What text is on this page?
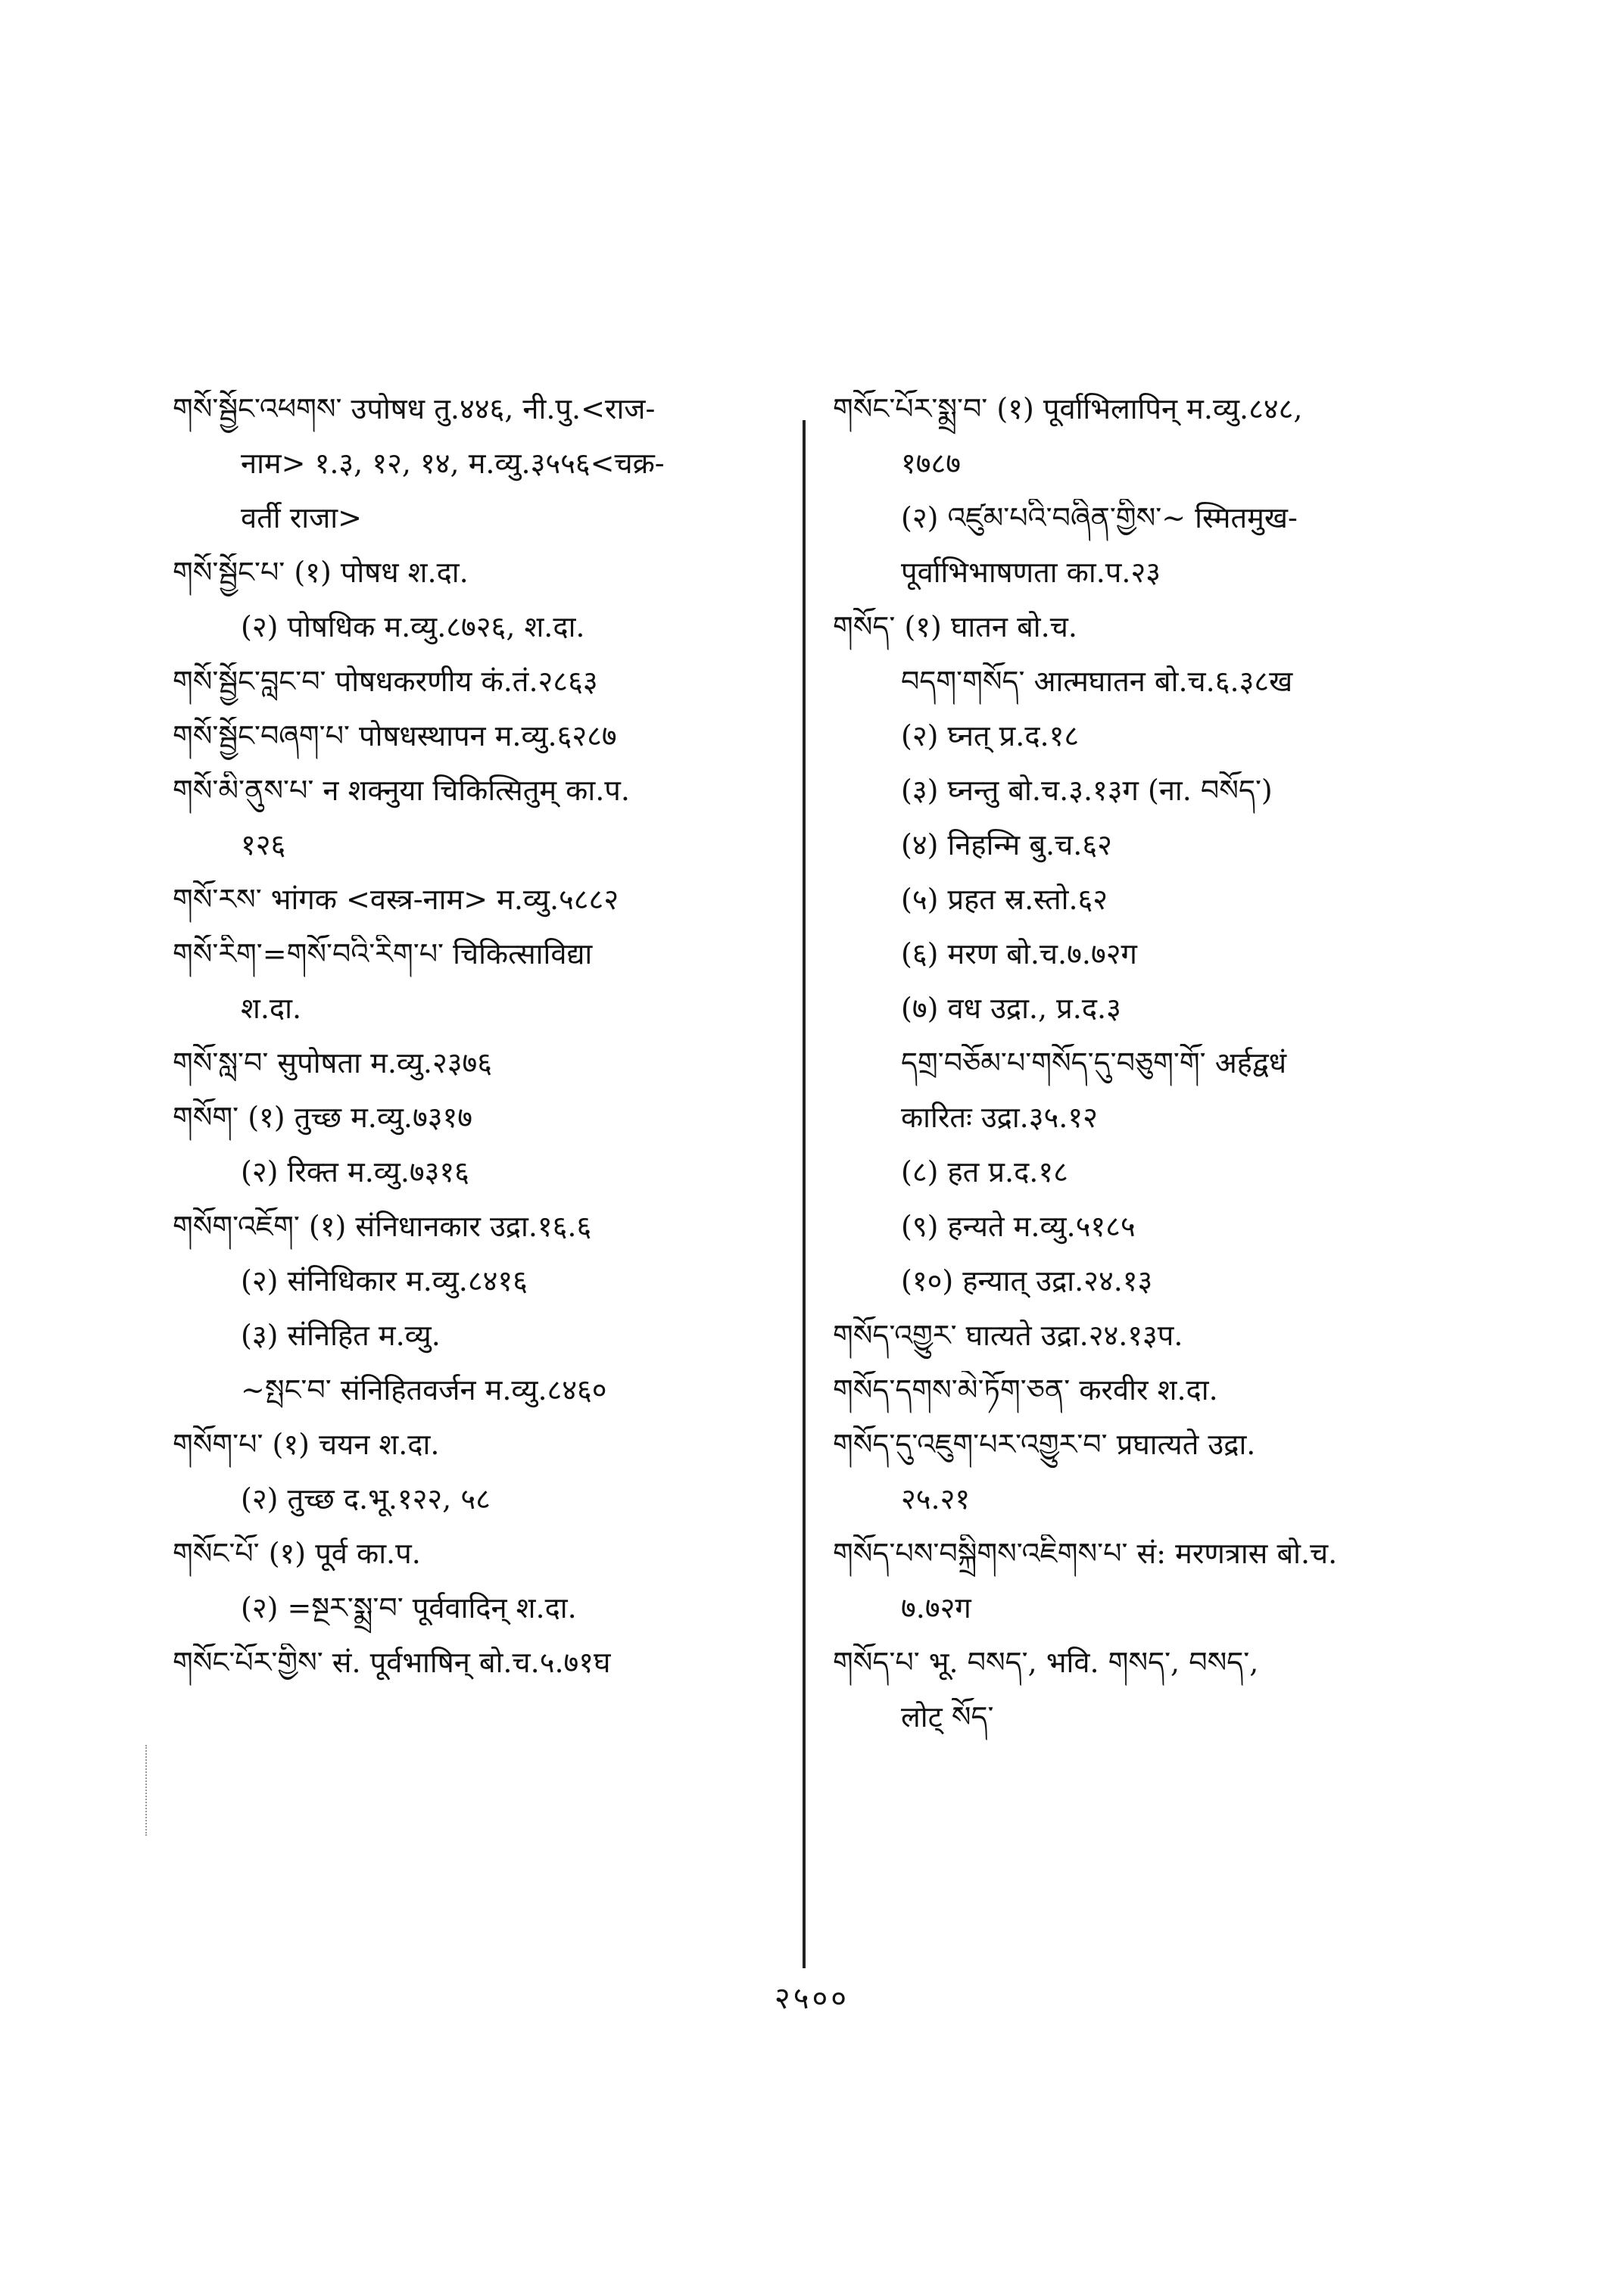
གསོ་སྦྱོང་འཕགས་ उपोषध तु.४४६, नी.पु.<राज-
नाम> १.३, १२, १४, म.व्यु.३५५६<चक्र-
वर्ती राजा>
གསོ་སྦྱོང་པ་ (१) पोषध श.दा.
(२) पोषधिक म.व्यु.८७२६, श.दा.
གསོ་སྦྱོང་བླང་བ་ पोषधकरणीय कं.तं.२८६३
གསོ་སྦྱོང་བཞག་པ་ पोषधस्थापन म.व्यु.६२८७
གསོ་མི་ནུས་པ་ न शक्नुया चिकित्सितुम् का.प.
१२६
གསོ་རས་ भांगक <वस्त्र-नाम> म.व्यु.५८८२
གསོ་རིག་=གསོ་བའི་རིག་པ་ चिकित्साविद्या
श.दा.
གསོ་སླ་བ་ सुपोषता म.व्यु.२३७६
གསོག་ (१) तुच्छ म.व्यु.७३१७
(२) रिक्त म.व्यु.७३१६
གསོག་འཇོག་ (१) संनिधानकार उद्रा.१६.६
(२) संनिधिकार म.व्यु.८४१६
(३) संनिहित म.व्यु.
~སྤང་བ་ संनिहितवर्जन म.व्यु.८४६०
གསོག་པ་ (१) चयन श.दा.
(२) तुच्छ द.भू.१२२, ५८
གསོང་པོ་ (१) पूर्व का.प.
(२) =སྔར་སྨྲ་བ་ पूर्ववादिन् श.दा.
གསོང་པོར་གྱིས་ सं. पूर्वभाषिन् बो.च.५.७१घ
གསོང་པོར་སྨྲ་བ་ (१) पूर्वाभिलापिन् म.व्यु.८४८,
१७८७
(२) འཛུམ་པའི་བཞིན་གྱིས་~ स्मितमुख-
पूर्वाभिभाषणता का.प.२३
གསོད་ (१) घातन बो.च.
བདག་གསོད་ आत्मघातन बो.च.६.३८ख
(२) घ्नत् प्र.द.१८
(३) घ्नन्तु बो.च.३.१३ग (ना. བསོད་)
(४) निहन्मि बु.च.६२
(५) प्रहत स्र.स्तो.६२
(६) मरण बो.च.७.७२ग
(७) वध उद्रा., प्र.द.३
དགྲ་བཅོམ་པ་གསོད་དུ་བཅུག་གོ་ अर्हद्वधं
कारितः उद्रा.३५.१२
(८) हत प्र.द.१८
(९) हन्यते म.व्यु.५१८५
(१०) हन्यात् उद्रा.२४.१३
གསོད་འགྱུར་ घात्यते उद्रा.२४.१३प.
གསོད་དགས་མེ་ཏོག་ཅན་ करवीर श.दा.
གསོད་དུ་འཇུག་པར་འགྱུར་བ་ प्रघात्यते उद्रा.
२५.२१
གསོད་པས་བསྐྲིགས་འཇིགས་པ་ सं: मरणत्रास बो.च.
७.७२ग
གསོད་པ་ भू. བསད་, भवि. གསད་, བསད་,
लोट् སོད་
२५००
